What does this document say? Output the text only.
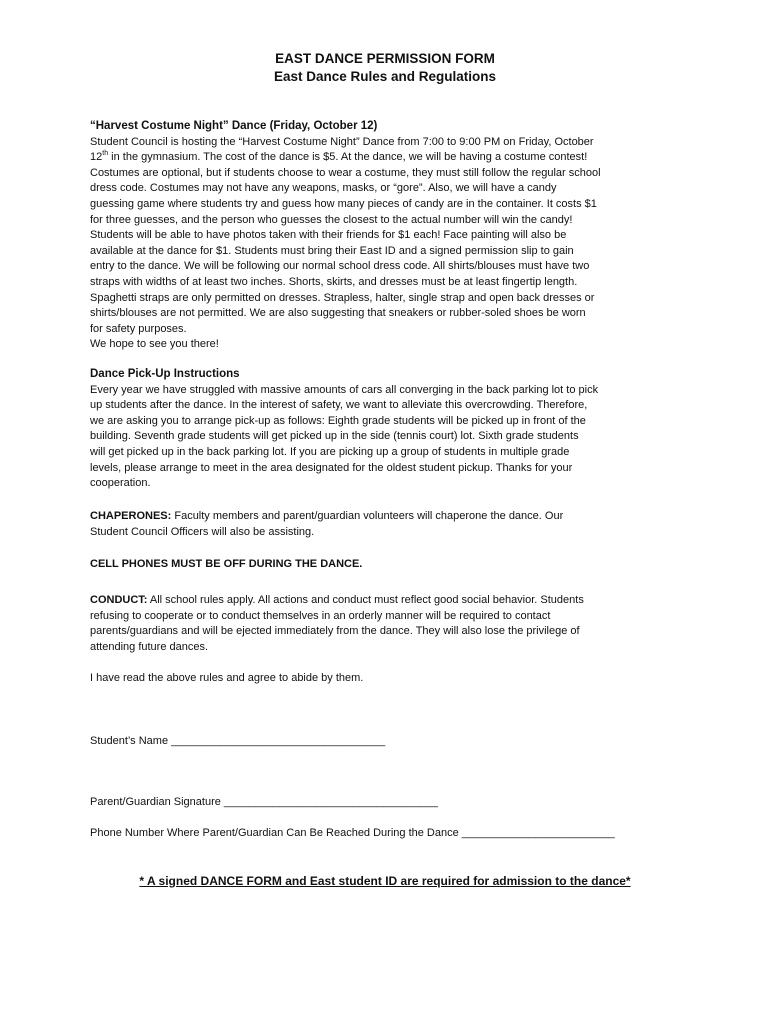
EAST DANCE PERMISSION FORM
East Dance Rules and Regulations
“Harvest Costume Night” Dance (Friday, October 12)
Student Council is hosting the “Harvest Costume Night” Dance from 7:00 to 9:00 PM on Friday, October
12th in the gymnasium. The cost of the dance is $5. At the dance, we will be having a costume contest!
Costumes are optional, but if students choose to wear a costume, they must still follow the regular school
dress code. Costumes may not have any weapons, masks, or “gore”. Also, we will have a candy
guessing game where students try and guess how many pieces of candy are in the container. It costs $1
for three guesses, and the person who guesses the closest to the actual number will win the candy!
Students will be able to have photos taken with their friends for $1 each! Face painting will also be
available at the dance for $1. Students must bring their East ID and a signed permission slip to gain
entry to the dance. We will be following our normal school dress code. All shirts/blouses must have two
straps with widths of at least two inches. Shorts, skirts, and dresses must be at least fingertip length.
Spaghetti straps are only permitted on dresses. Strapless, halter, single strap and open back dresses or
shirts/blouses are not permitted. We are also suggesting that sneakers or rubber-soled shoes be worn
for safety purposes.
We hope to see you there!
Dance Pick-Up Instructions
Every year we have struggled with massive amounts of cars all converging in the back parking lot to pick
up students after the dance. In the interest of safety, we want to alleviate this overcrowding. Therefore,
we are asking you to arrange pick-up as follows: Eighth grade students will be picked up in front of the
building. Seventh grade students will get picked up in the side (tennis court) lot. Sixth grade students
will get picked up in the back parking lot. If you are picking up a group of students in multiple grade
levels, please arrange to meet in the area designated for the oldest student pickup. Thanks for your
cooperation.
CHAPERONES: Faculty members and parent/guardian volunteers will chaperone the dance. Our
Student Council Officers will also be assisting.
CELL PHONES MUST BE OFF DURING THE DANCE.
CONDUCT: All school rules apply. All actions and conduct must reflect good social behavior. Students
refusing to cooperate or to conduct themselves in an orderly manner will be required to contact
parents/guardians and will be ejected immediately from the dance. They will also lose the privilege of
attending future dances.
I have read the above rules and agree to abide by them.
Student’s Name ___________________________________
Parent/Guardian Signature ___________________________________
Phone Number Where Parent/Guardian Can Be Reached During the Dance _________________________
* A signed DANCE FORM and East student ID are required for admission to the dance*
